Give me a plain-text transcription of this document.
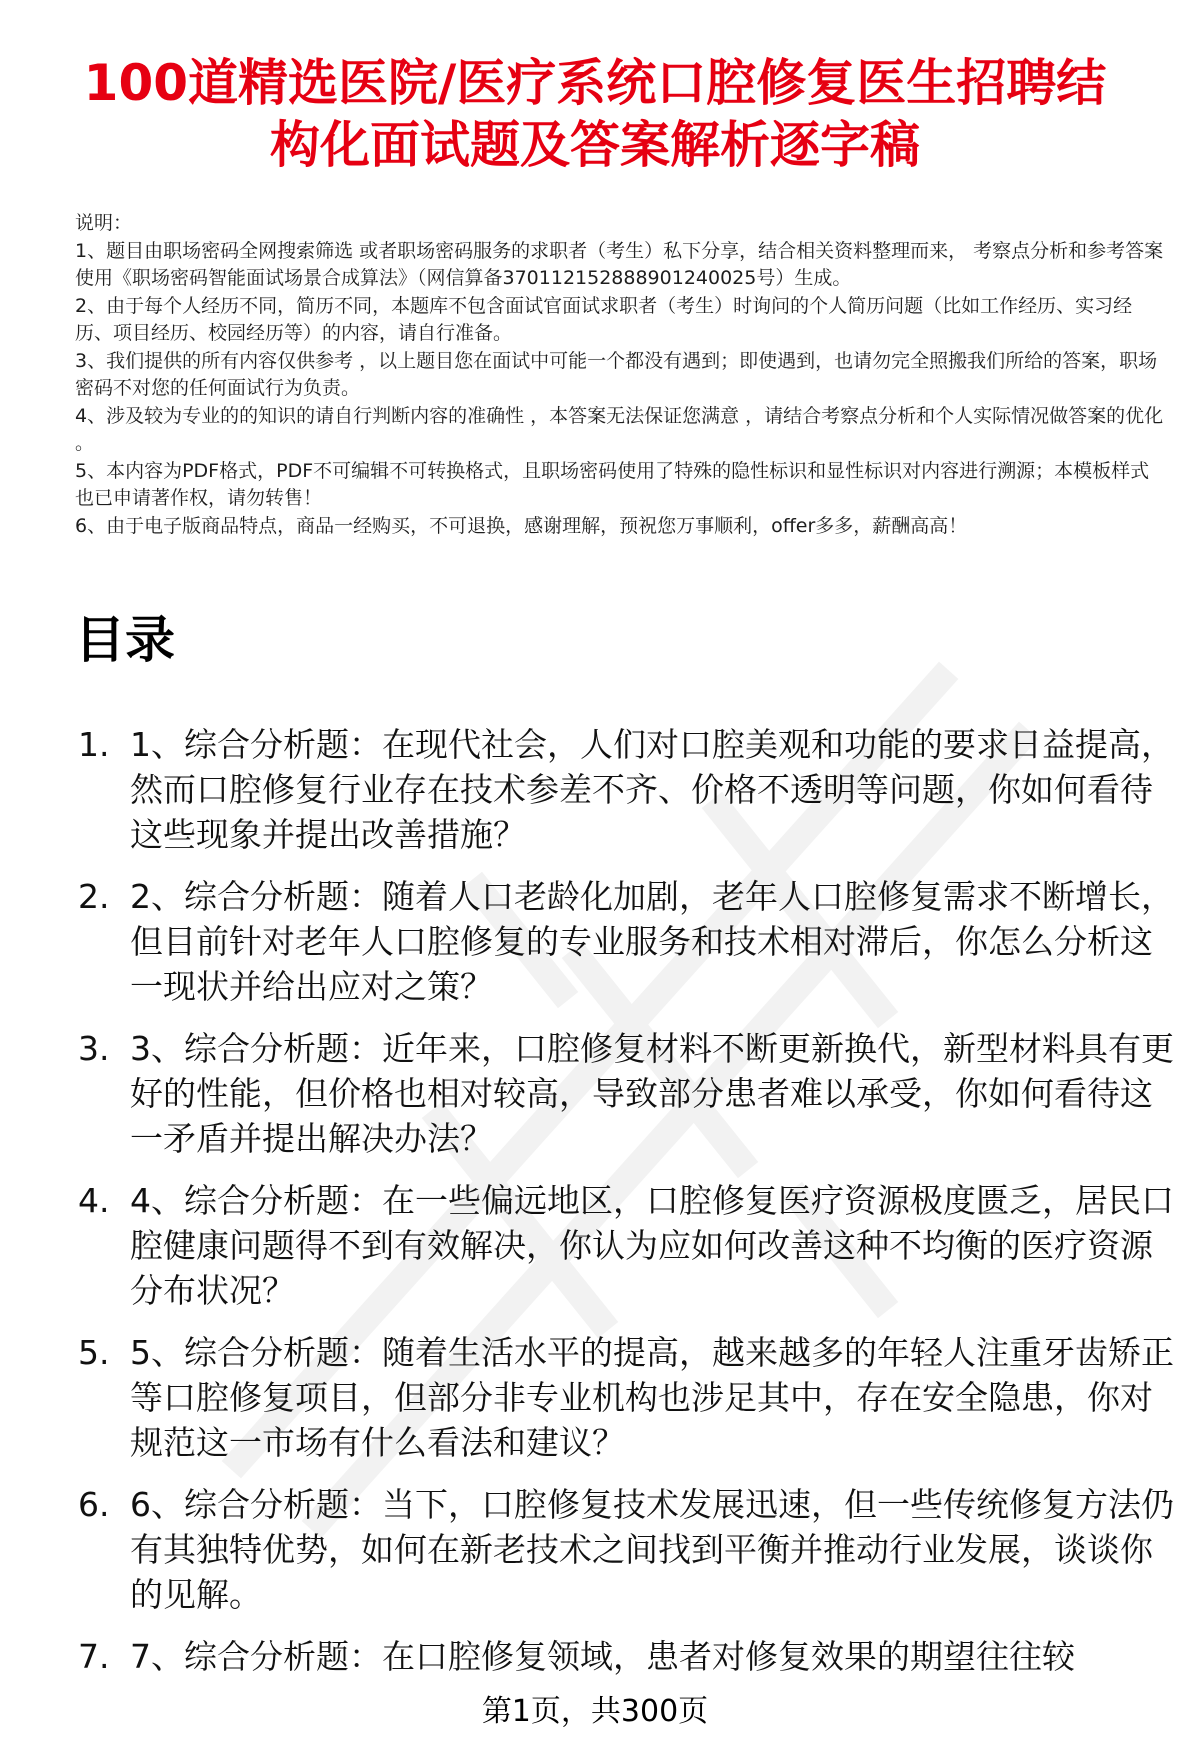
100道精选医院/医疗系统口腔修复医生招聘结构化面试题及答案解析逐字稿

说明：

1、题目由职场密码全网搜索筛选 或者职场密码服务的求职者（考生）私下分享，结合相关资料整理而来， 考察点分析和参考答案使用《职场密码智能面试场景合成算法》（网信算备370112152888901240025号）生成。

2、由于每个人经历不同，简历不同，本题库不包含面试官面试求职者（考生）时询问的个人简历问题（比如工作经历、实习经历、项目经历、校园经历等）的内容，请自行准备。

3、我们提供的所有内容仅供参考 ，以上题目您在面试中可能一个都没有遇到；即使遇到，也请勿完全照搬我们所给的答案，职场密码不对您的任何面试行为负责。

4、涉及较为专业的的知识的请自行判断内容的准确性 ，本答案无法保证您满意 ，请结合考察点分析和个人实际情况做答案的优化 。

5、本内容为PDF格式，PDF不可编辑不可转换格式，且职场密码使用了特殊的隐性标识和显性标识对内容进行溯源；本模板样式也已申请著作权，请勿转售！

6、由于电子版商品特点，商品一经购买，不可退换，感谢理解，预祝您万事顺利，offer多多，薪酬高高！

目录
1. 1、综合分析题：在现代社会，人们对口腔美观和功能的要求日益提高，然而口腔修复行业存在技术参差不齐、价格不透明等问题，你如何看待这些现象并提出改善措施？
2. 2、综合分析题：随着人口老龄化加剧，老年人口腔修复需求不断增长，但目前针对老年人口腔修复的专业服务和技术相对滞后，你怎么分析这一现状并给出应对之策？
3. 3、综合分析题：近年来，口腔修复材料不断更新换代，新型材料具有更好的性能，但价格也相对较高，导致部分患者难以承受，你如何看待这一矛盾并提出解决办法？
4. 4、综合分析题：在一些偏远地区，口腔修复医疗资源极度匮乏，居民口腔健康问题得不到有效解决，你认为应如何改善这种不均衡的医疗资源分布状况？
5. 5、综合分析题：随着生活水平的提高，越来越多的年轻人注重牙齿矫正等口腔修复项目，但部分非专业机构也涉足其中，存在安全隐患，你对规范这一市场有什么看法和建议？
6. 6、综合分析题：当下，口腔修复技术发展迅速，但一些传统修复方法仍有其独特优势，如何在新老技术之间找到平衡并推动行业发展，谈谈你的见解。
7. 7、综合分析题：在口腔修复领域，患者对修复效果的期望往往较
第1页，共300页
